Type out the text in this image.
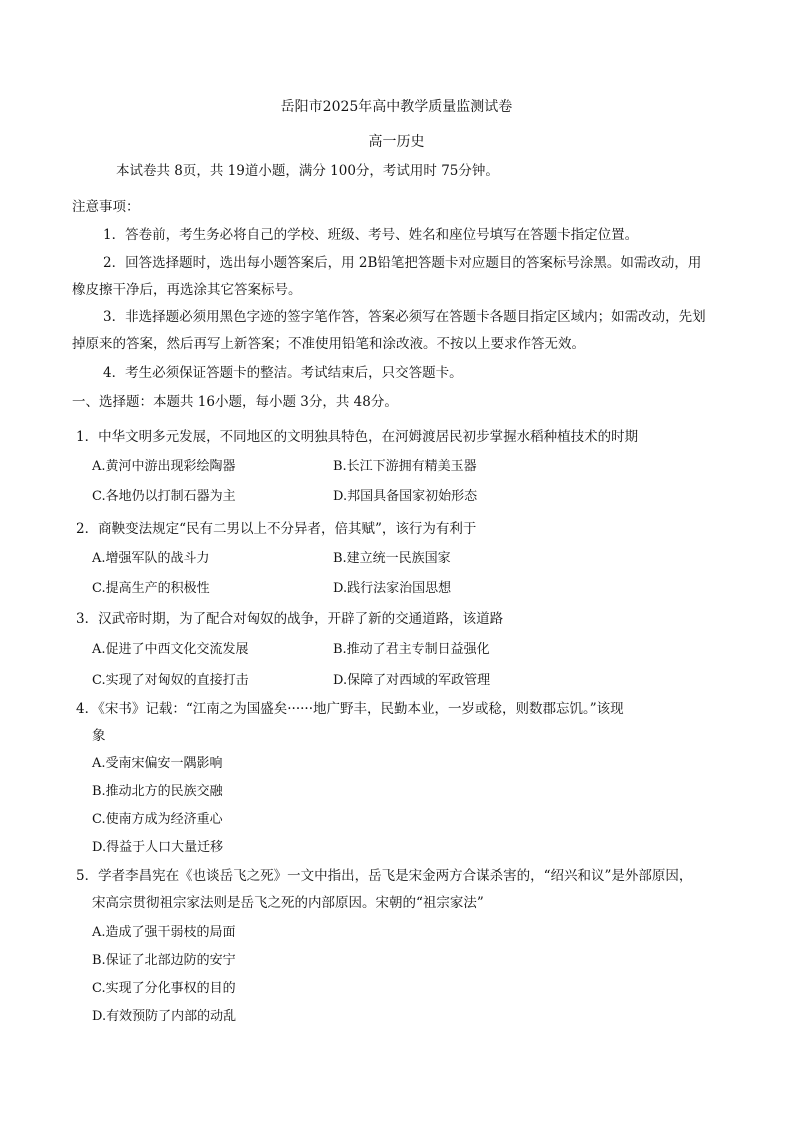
岳阳市2025年高中教学质量监测试卷
高一历史
本试卷共 8页，共 19道小题，满分 100分，考试用时 75分钟。
注意事项：
1．答卷前，考生务必将自己的学校、班级、考号、姓名和座位号填写在答题卡指定位置。
2．回答选择题时，选出每小题答案后，用 2B铅笔把答题卡对应题目的答案标号涂黑。如需改动，用
橡皮擦干净后，再选涂其它答案标号。
3．非选择题必须用黑色字迹的签字笔作答，答案必须写在答题卡各题目指定区域内；如需改动，先划
掉原来的答案，然后再写上新答案；不准使用铅笔和涂改液。不按以上要求作答无效。
4．考生必须保证答题卡的整洁。考试结束后，只交答题卡。
一、选择题：本题共 16小题，每小题 3分，共 48分。
1．中华文明多元发展，不同地区的文明独具特色，在河姆渡居民初步掌握水稻种植技术的时期
A.黄河中游出现彩绘陶器	B.长江下游拥有精美玉器
C.各地仍以打制石器为主	D.邦国具备国家初始形态
2．商鞅变法规定“民有二男以上不分异者，倍其赋”，该行为有利于
A.增强军队的战斗力	B.建立统一民族国家
C.提高生产的积极性	D.践行法家治国思想
3．汉武帝时期，为了配合对匈奴的战争，开辟了新的交通道路，该道路
A.促进了中西文化交流发展	B.推动了君主专制日益强化
C.实现了对匈奴的直接打击	D.保障了对西域的军政管理
4．《宋书》记载：“江南之为国盛矣······地广野丰，民勤本业，一岁或稔，则数郡忘饥。”该现
象
A.受南宋偏安一隅影响
B.推动北方的民族交融
C.使南方成为经济重心
D.得益于人口大量迁移
5．学者李昌宪在《也谈岳飞之死》一文中指出，岳飞是宋金两方合谋杀害的，“绍兴和议”是外部原因，
宋高宗贯彻祖宗家法则是岳飞之死的内部原因。宋朝的“祖宗家法”
A.造成了强干弱枝的局面
B.保证了北部边防的安宁
C.实现了分化事权的目的
D.有效预防了内部的动乱
